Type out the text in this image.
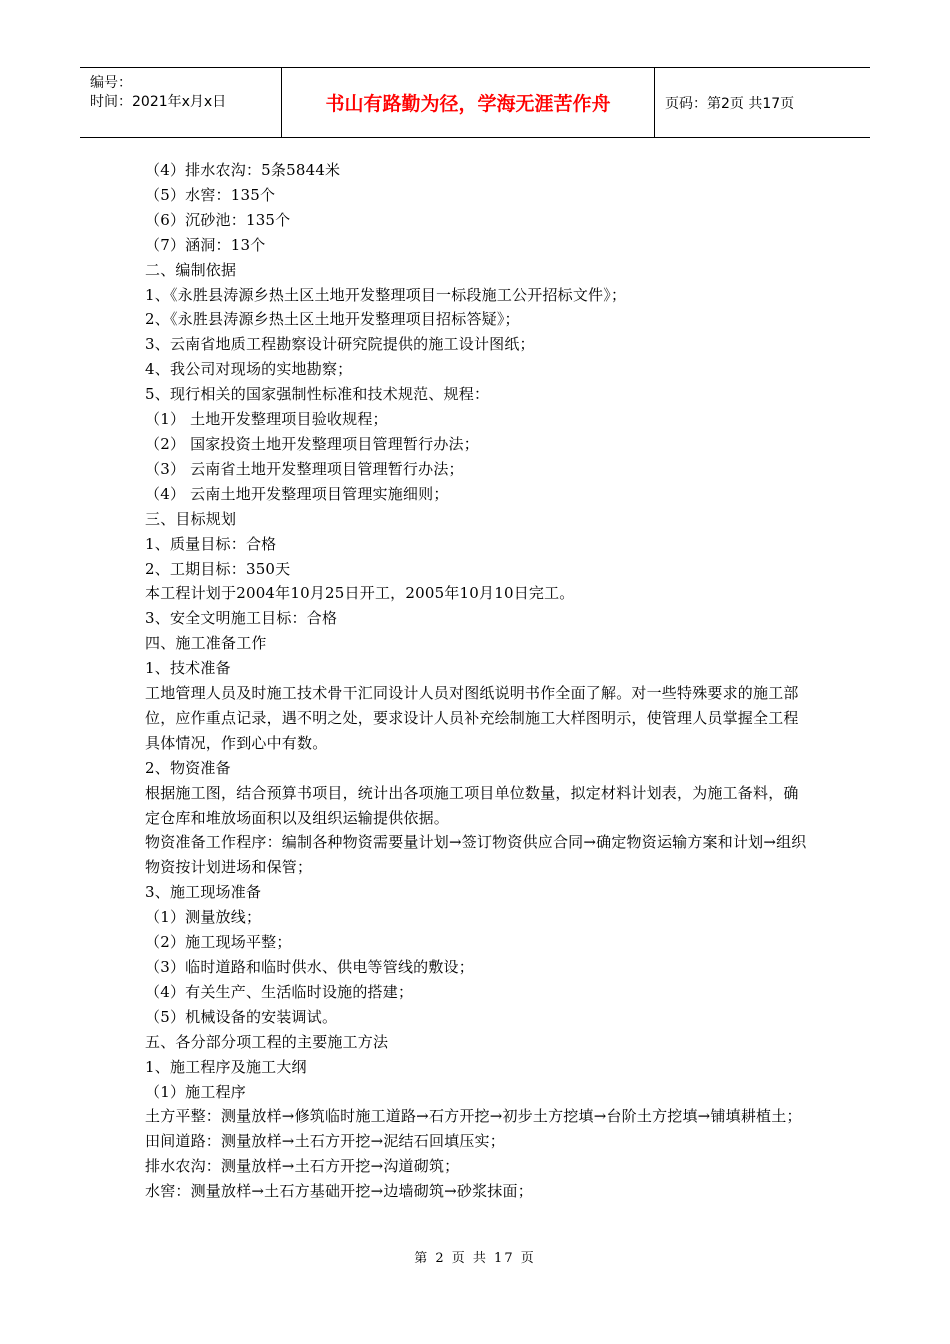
编号：
时间：2021年x月x日	书山有路勤为径，学海无涯苦作舟	页码：第2页 共17页

（4）排水农沟：5条5844米

（5）水窖：135个

（6）沉砂池：135个

（7）涵洞：13个

二、编制依据

1、《永胜县涛源乡热土区土地开发整理项目一标段施工公开招标文件》；

2、《永胜县涛源乡热土区土地开发整理项目招标答疑》；

3、云南省地质工程勘察设计研究院提供的施工设计图纸；

4、我公司对现场的实地勘察；

5、现行相关的国家强制性标准和技术规范、规程：

（1） 土地开发整理项目验收规程；

（2） 国家投资土地开发整理项目管理暂行办法；

（3） 云南省土地开发整理项目管理暂行办法；

（4） 云南土地开发整理项目管理实施细则；

三、目标规划

1、质量目标：合格

2、工期目标：350天

本工程计划于2004年10月25日开工，2005年10月10日完工。

3、安全文明施工目标：合格

四、施工准备工作

1、技术准备

工地管理人员及时施工技术骨干汇同设计人员对图纸说明书作全面了解。对一些特殊要求的施工部位，应作重点记录，遇不明之处，要求设计人员补充绘制施工大样图明示，使管理人员掌握全工程具体情况，作到心中有数。

2、物资准备

根据施工图，结合预算书项目，统计出各项施工项目单位数量，拟定材料计划表，为施工备料，确定仓库和堆放场面积以及组织运输提供依据。

物资准备工作程序：编制各种物资需要量计划→签订物资供应合同→确定物资运输方案和计划→组织物资按计划进场和保管；

3、施工现场准备

（1）测量放线；

（2）施工现场平整；

（3）临时道路和临时供水、供电等管线的敷设；

（4）有关生产、生活临时设施的搭建；

（5）机械设备的安装调试。

五、各分部分项工程的主要施工方法

1、施工程序及施工大纲

（1）施工程序

土方平整：测量放样→修筑临时施工道路→石方开挖→初步土方挖填→台阶土方挖填→铺填耕植土；

田间道路：测量放样→土石方开挖→泥结石回填压实；

排水农沟：测量放样→土石方开挖→沟道砌筑；

水窖：测量放样→土石方基础开挖→边墙砌筑→砂浆抹面；

第 2 页 共 17 页
